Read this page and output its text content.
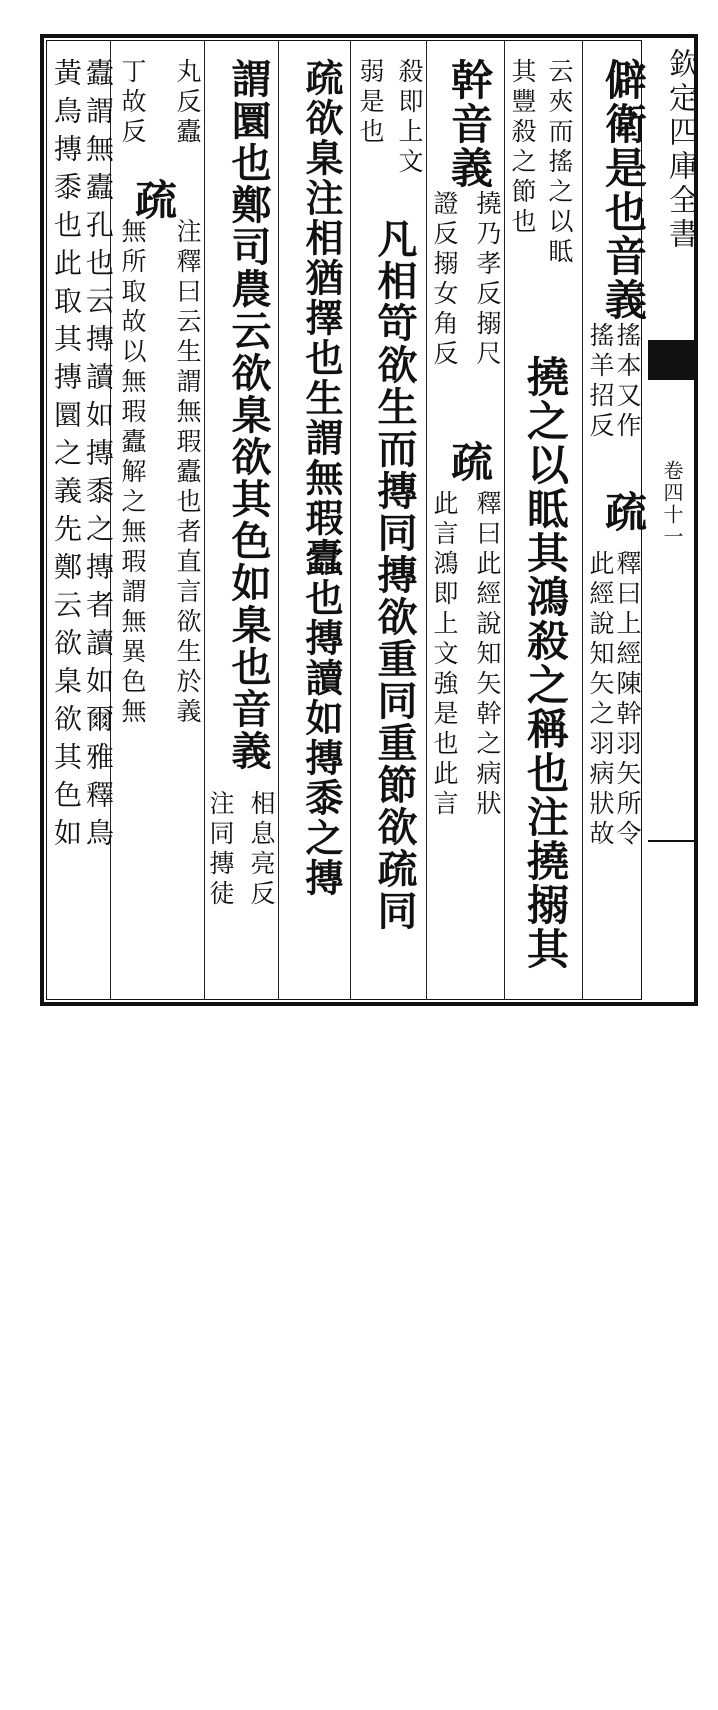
欽定四庫全書
卷四十一
僻衛是也音義
搖本又作
搖羊招反
疏
釋曰上經陳幹羽矢所令
此經說知矢之羽病狀故
云夾而搖之以眡
其豐殺之節也
撓之以眡其鴻殺之稱也注撓搦其
幹音義
撓乃孝反搦尺
證反搦女角反
疏
釋曰此經說知矢幹之病狀
此言鴻即上文強是也此言
殺即上文
弱是也
凡相笴欲生而摶同摶欲重同重節欲疏同
疏欲臬注相猶擇也生謂無瑕蠹也摶讀如摶黍之摶
謂圜也鄭司農云欲臬欲其色如臬也音義
相息亮反
注同摶徒
丸反蠹
丁故反
疏
注釋曰云生謂無瑕蠹也者直言欲生於義
無所取故以無瑕蠹解之無瑕謂無異色無
蠹謂無蠹孔也云摶讀如摶黍之摶者讀如爾雅釋鳥
黃鳥摶黍也此取其摶圜之義先鄭云欲臬欲其色如
